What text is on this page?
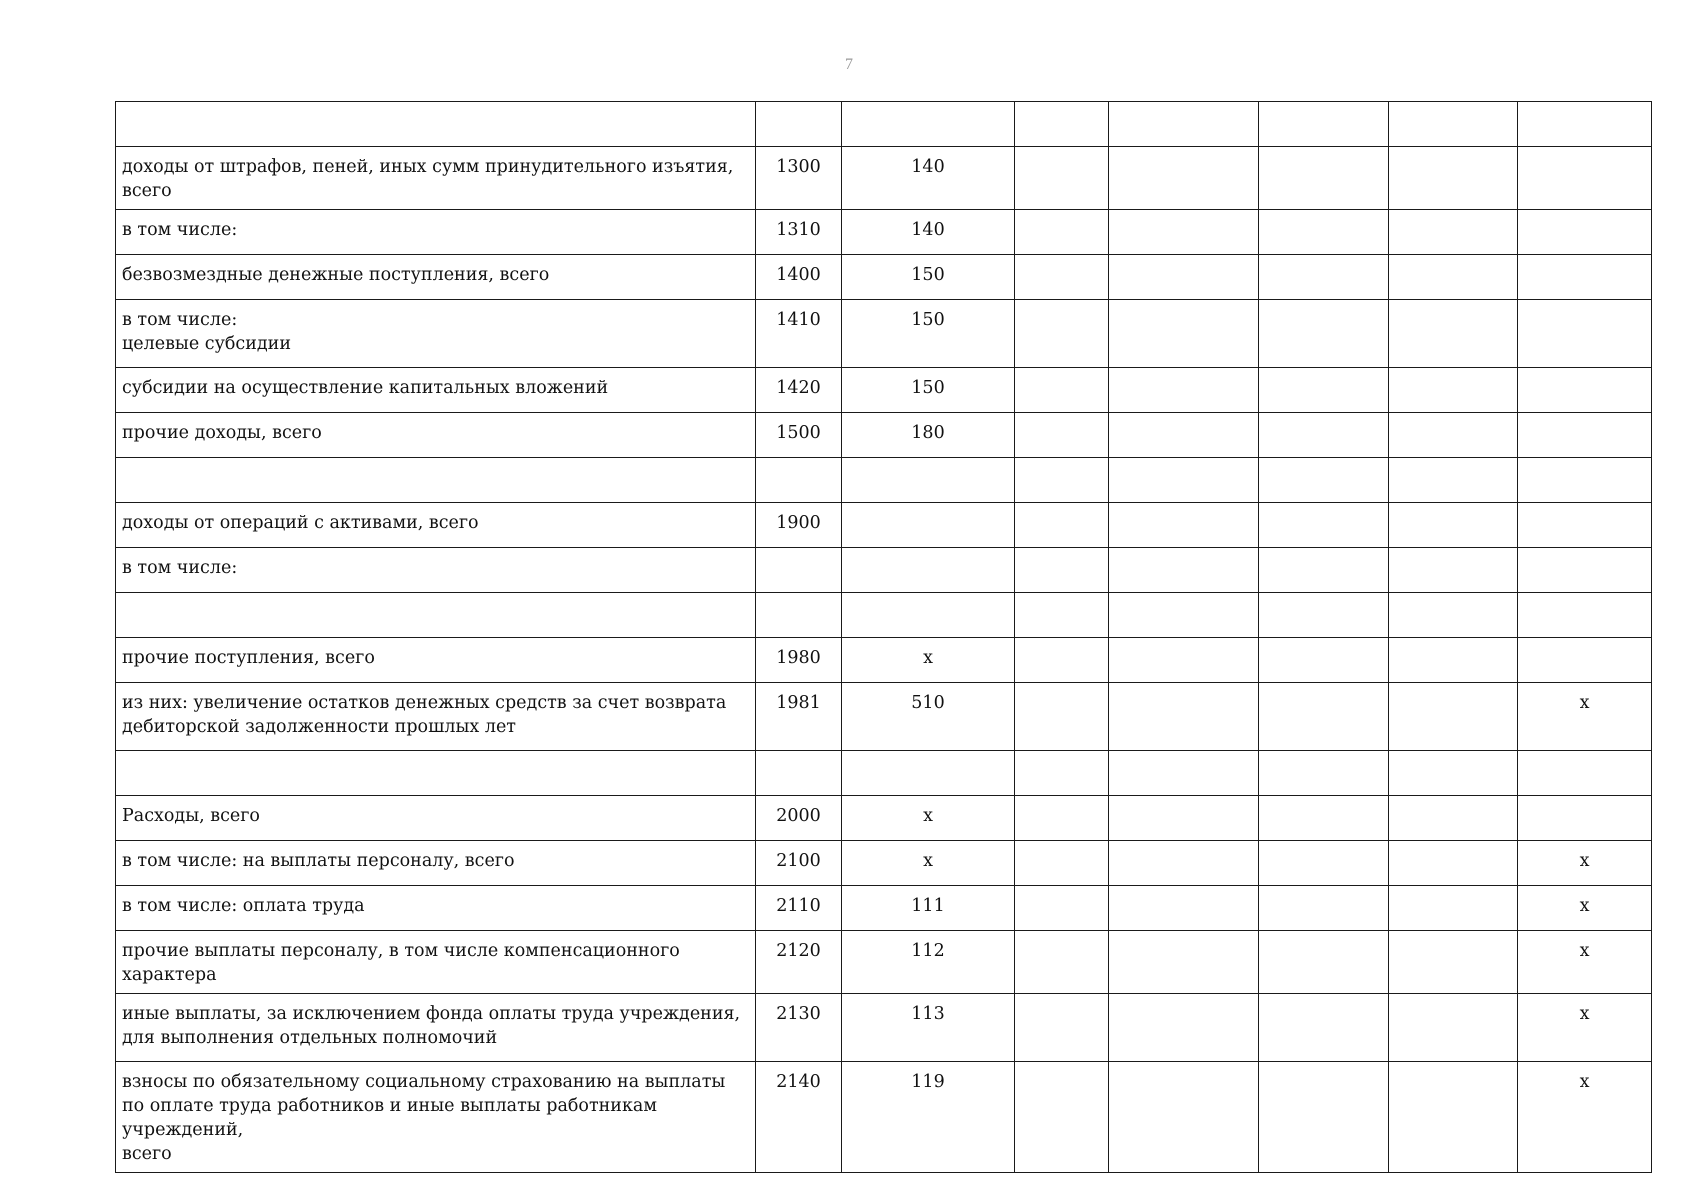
7

доходы от штрафов, пеней, иных сумм принудительного изъятия, всего	1300	140					
в том числе:	1310	140					
безвозмездные денежные поступления, всего	1400	150					
в том числе:
целевые субсидии	1410	150					
субсидии на осуществление капитальных вложений	1420	150					
прочие доходы, всего	1500	180					

доходы от операций с активами, всего	1900						
в том числе:							

прочие поступления, всего	1980	x					
из них: увеличение остатков денежных средств за счет возврата
дебиторской задолженности прошлых лет	1981	510					x

Расходы, всего	2000	x					
в том числе: на выплаты персоналу, всего	2100	x					x
в том числе: оплата труда	2110	111					x
прочие выплаты персоналу, в том числе компенсационного характера	2120	112					x
иные выплаты, за исключением фонда оплаты труда учреждения,
для выполнения отдельных полномочий	2130	113					x
взносы по обязательному социальному страхованию на выплаты
по оплате труда работников и иные выплаты работникам учреждений,
всего	2140	119					x
